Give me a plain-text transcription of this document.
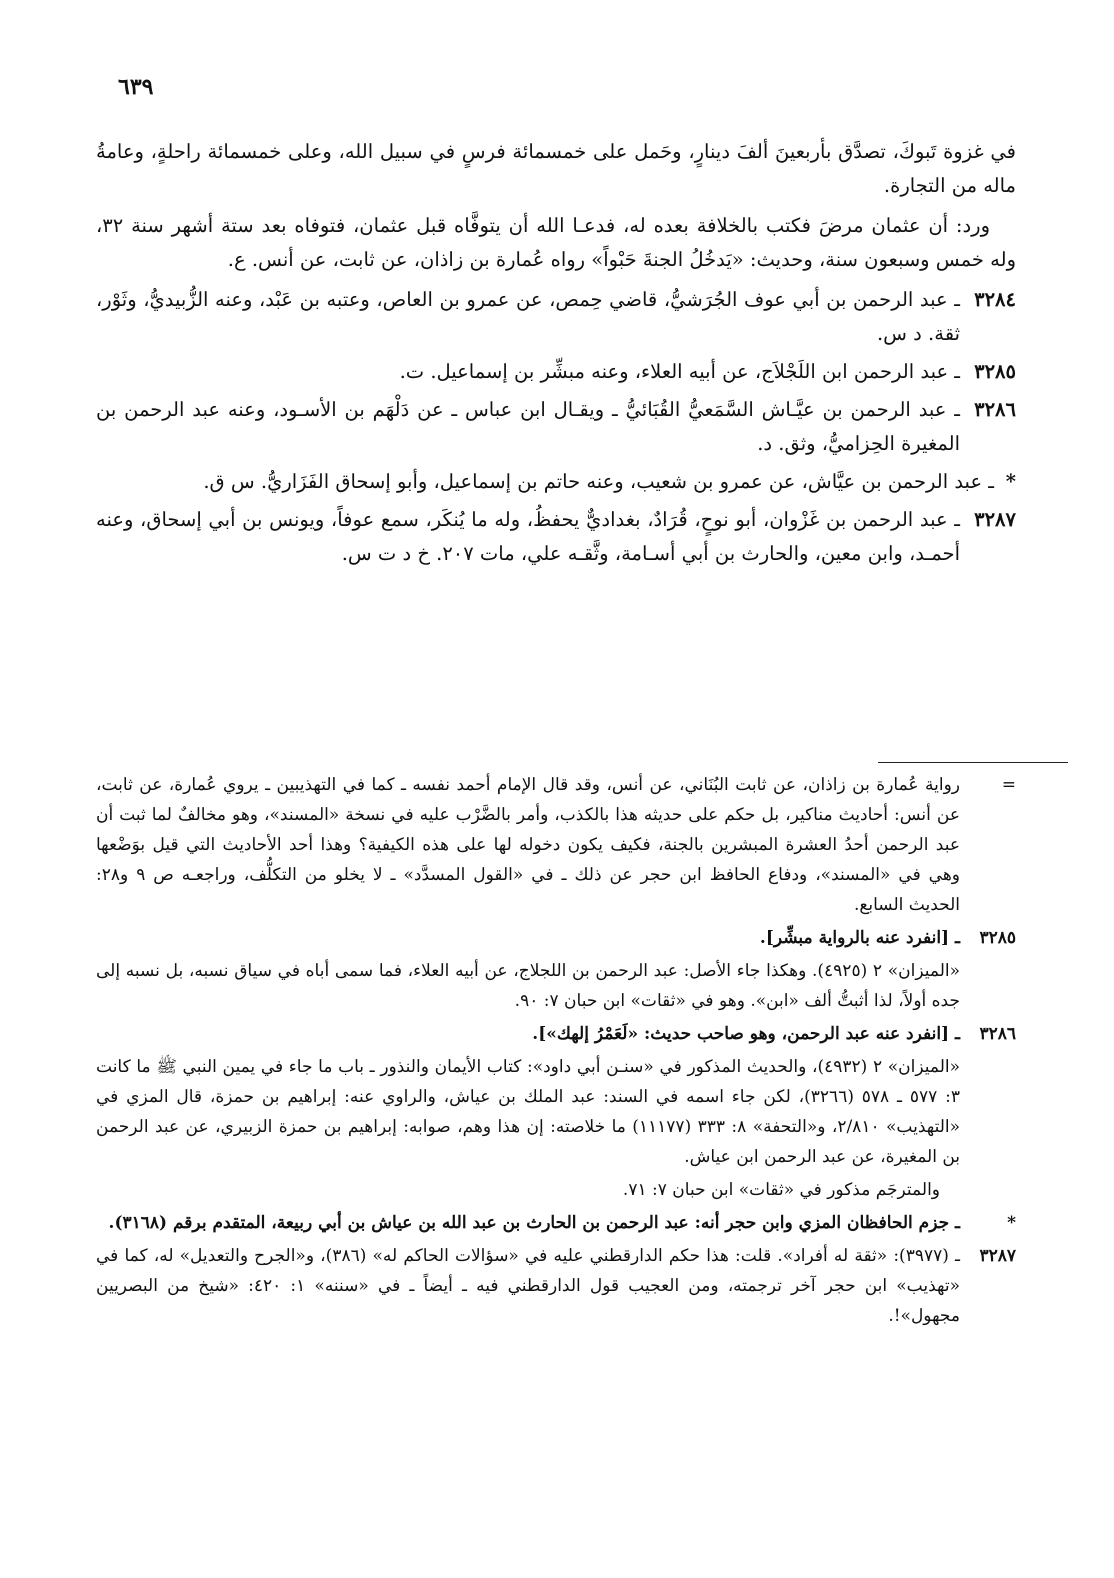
٦٣٩

في غزوة تَبوكَ، تصدَّق بأربعينَ ألفَ دينارٍ، وحَمل على خمسمائة فرسٍ في سبيل الله، وعلى خمسمائة راحلةٍ، وعامةُ ماله من التجارة.

ورد: أن عثمان مرضَ فكتب بالخلافة بعده له، فدعـا الله أن يتوفَّاه قبل عثمان، فتوفاه بعد ستة أشهر سنة ٣٢، وله خمس وسبعون سنة، وحديث: «يَدخُلُ الجنةَ حَبْواً» رواه عُمارة بن زاذان، عن ثابت، عن أنس. ع.

٣٢٨٤
ـ عبد الرحمن بن أبي عوف الجُرَشيُّ، قاضي حِمص، عن عمرو بن العاص، وعتبه بن عَبْد، وعنه الزُّبيديُّ، وثَوْر، ثقة. د س.
٣٢٨٥
ـ عبد الرحمن ابن اللَجْلاَج، عن أبيه العلاء، وعنه مبشِّر بن إسماعيل. ت.
٣٢٨٦
ـ عبد الرحمن بن عيَّـاش السَّمَعيُّ القُبَائيُّ ـ ويقـال ابن عباس ـ عن دَلْهَم بن الأسـود، وعنه عبد الرحمن بن المغيرة الحِزاميُّ، وثق. د.
*
ـ عبد الرحمن بن عيَّاش، عن عمرو بن شعيب، وعنه حاتم بن إسماعيل، وأبو إسحاق الفَزَاريُّ. س ق.
٣٢٨٧
ـ عبد الرحمن بن غَزْوان، أبو نوحٍ، قُرَادٌ، بغداديٌّ يحفظُ، وله ما يُنكَر، سمع عوفاً، ويونس بن أبي إسحاق، وعنه أحمـد، وابن معين، والحارث بن أبي أسـامة، وثَّقـه علي، مات ٢٠٧. خ د ت س.
=
رواية عُمارة بن زاذان، عن ثابت البُنَاني، عن أنس، وقد قال الإمام أحمد نفسه ـ كما في التهذيبين ـ يروي عُمارة، عن ثابت، عن أنس: أحاديث مناكير، بل حكم على حديثه هذا بالكذب، وأمر بالضَّرْب عليه في نسخة «المسند»، وهو مخالفٌ لما ثبت أن عبد الرحمن أحدُ العشرة المبشرين بالجنة، فكيف يكون دخوله لها على هذه الكيفية؟ وهذا أحد الأحاديث التي قيل بوَضْعها وهي في «المسند»، ودفاع الحافظ ابن حجر عن ذلك ـ في «القول المسدَّد» ـ لا يخلو من التكلُّف، وراجعـه ص ٩ و٢٨: الحديث السابع.
٣٢٨٥
ـ [انفرد عنه بالرواية مبشِّر].
«الميزان» ٢ (٤٩٢٥). وهكذا جاء الأصل: عبد الرحمن بن اللجلاج، عن أبيه العلاء، فما سمى أباه في سياق نسبه، بل نسبه إلى جده أولاً، لذا أثبتُّ ألف «ابن». وهو في «ثقات» ابن حبان ٧: ٩٠.
٣٢٨٦
ـ [انفرد عنه عبد الرحمن، وهو صاحب حديث: «لَعَمْرُ إلهك»].
«الميزان» ٢ (٤٩٣٢)، والحديث المذكور في «سنـن أبي داود»: كتاب الأيمان والنذور ـ باب ما جاء في يمين النبي ﷺ ما كانت ٣: ٥٧٧ ـ ٥٧٨ (٣٢٦٦)، لكن جاء اسمه في السند: عبد الملك بن عياش، والراوي عنه: إبراهيم بن حمزة، قال المزي في «التهذيب» ٢/٨١٠، و«التحفة» ٨: ٣٣٣ (١١١٧٧) ما خلاصته: إن هذا وهم، صوابه: إبراهيم بن حمزة الزبيري، عن عبد الرحمن بن المغيرة، عن عبد الرحمن ابن عياش.
والمترجَم مذكور في «ثقات» ابن حبان ٧: ٧١.
*
ـ جزم الحافظان المزي وابن حجر أنه: عبد الرحمن بن الحارث بن عبد الله بن عياش بن أبي ربيعة، المتقدم برقم (٣١٦٨).
٣٢٨٧
ـ (٣٩٧٧): «ثقة له أفراد». قلت: هذا حكم الدارقطني عليه في «سؤالات الحاكم له» (٣٨٦)، و«الجرح والتعديل» له، كما في «تهذيب» ابن حجر آخر ترجمته، ومن العجيب قول الدارقطني فيه ـ أيضاً ـ في «سننه» ١: ٤٢٠: «شيخ من البصريين مجهول»!.
